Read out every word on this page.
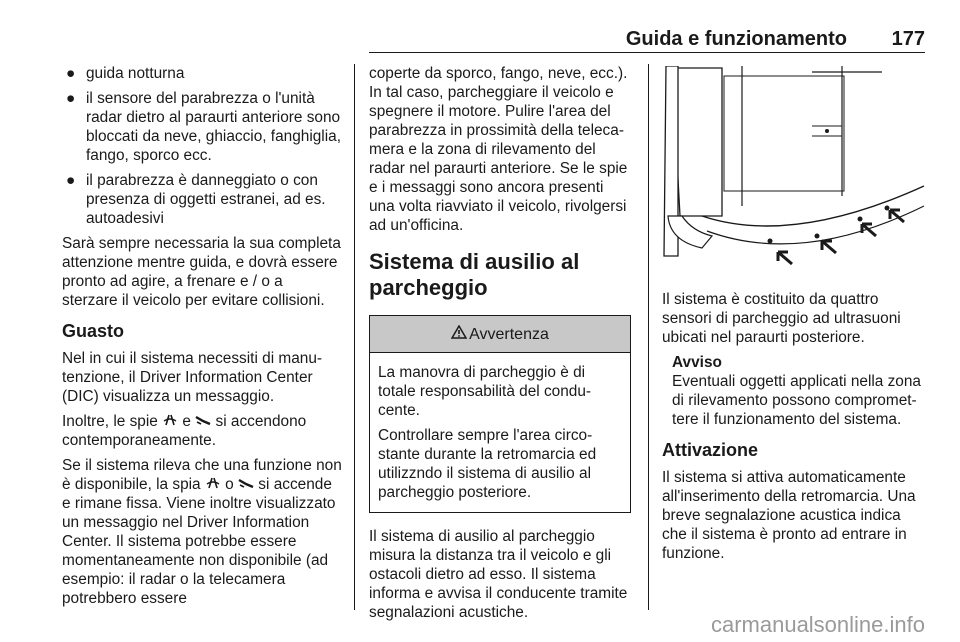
Guida e funzionamento 177
● guida notturna
● il sensore del parabrezza o l'unità radar dietro al paraurti anteriore sono bloccati da neve, ghiaccio, fanghiglia, fango, sporco ecc.
● il parabrezza è danneggiato o con presenza di oggetti estranei, ad es. autoadesivi

Sarà sempre necessaria la sua completa attenzione mentre guida, e dovrà essere pronto ad agire, a frenare e / o a sterzare il veicolo per evitare collisioni.

Guasto

Nel in cui il sistema necessiti di manutenzione, il Driver Information Center (DIC) visualizza un messaggio.

Inoltre, le spie e si accendono contemporaneamente.

Se il sistema rileva che una funzione non è disponibile, la spia o si accende e rimane fissa. Viene inoltre visualizzato un messaggio nel Driver Information Center. Il sistema potrebbe essere momentaneamente non disponibile (ad esempio: il radar o la telecamera potrebbero essere

coperte da sporco, fango, neve, ecc.). In tal caso, parcheggiare il veicolo e spegnere il motore. Pulire l'area del parabrezza in prossimità della telecamera e la zona di rilevamento del radar nel paraurti anteriore. Se le spie e i messaggi sono ancora presenti una volta riavviato il veicolo, rivolgersi ad un'officina.

Sistema di ausilio al parcheggio
Avvertenza

La manovra di parcheggio è di totale responsabilità del conducente.

Controllare sempre l'area circostante durante la retromarcia ed utilizzndo il sistema di ausilio al parcheggio posteriore.

Il sistema di ausilio al parcheggio misura la distanza tra il veicolo e gli ostacoli dietro ad esso. Il sistema informa e avvisa il conducente tramite segnalazioni acustiche.

Il sistema è costituito da quattro sensori di parcheggio ad ultrasuoni ubicati nel paraurti posteriore.

Avviso

Eventuali oggetti applicati nella zona di rilevamento possono compromettere il funzionamento del sistema.

Attivazione

Il sistema si attiva automaticamente all'inserimento della retromarcia. Una breve segnalazione acustica indica che il sistema è pronto ad entrare in funzione.

carmanualsonline.info
